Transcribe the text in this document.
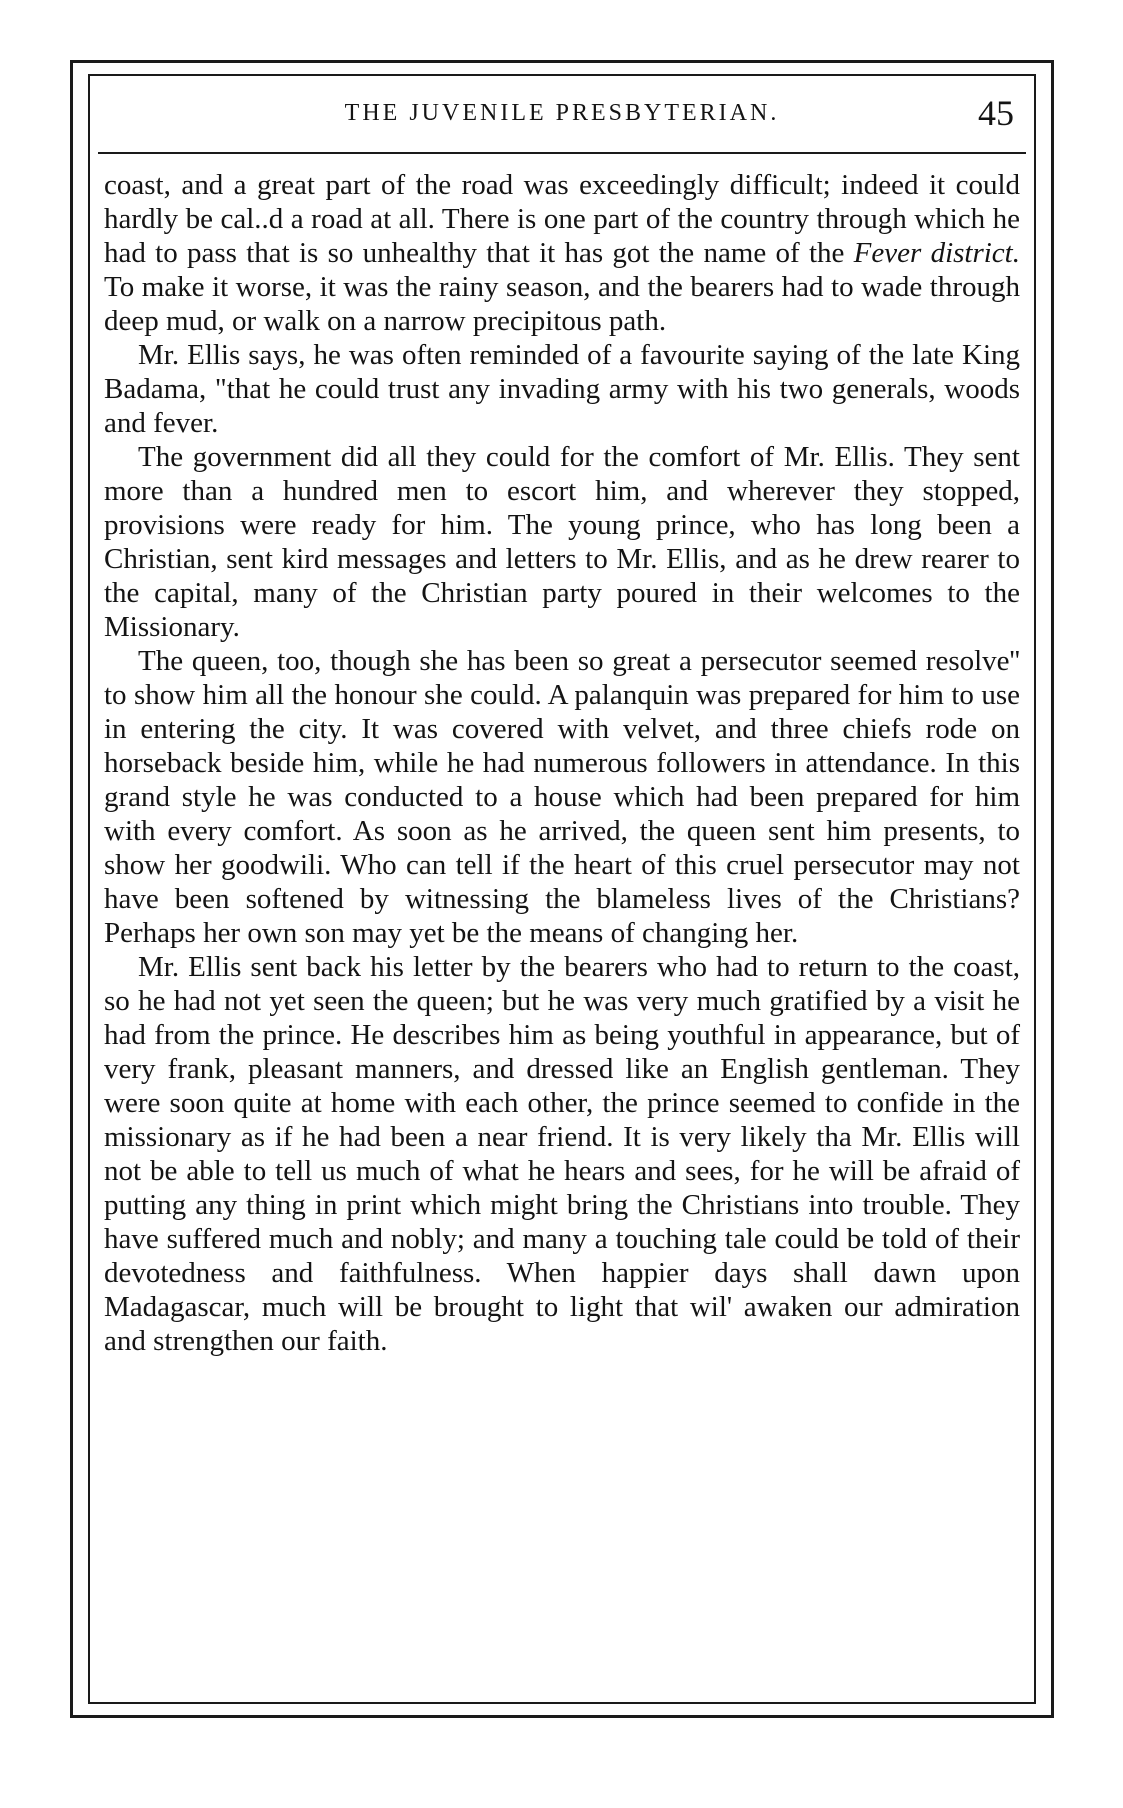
THE JUVENILE PRESBYTERIAN.	45

coast, and a great part of the road was exceedingly difficult; indeed it could hardly be cal..d a road at all. There is one part of the country through which he had to pass that is so unhealthy that it has got the name of the Fever district. To make it worse, it was the rainy season, and the bearers had to wade through deep mud, or walk on a narrow precipitous path.

Mr. Ellis says, he was often reminded of a favourite saying of the late King Badama, "that he could trust any invading army with his two generals, woods and fever.

The government did all they could for the comfort of Mr. Ellis. They sent more than a hundred men to escort him, and wherever they stopped, provisions were ready for him. The young prince, who has long been a Christian, sent kird messages and letters to Mr. Ellis, and as he drew rearer to the capital, many of the Christian party poured in their welcomes to the Missionary.

The queen, too, though she has been so great a persecutor seemed resolve'' to show him all the honour she could. A palanquin was prepared for him to use in entering the city. It was covered with velvet, and three chiefs rode on horseback beside him, while he had numerous followers in attendance. In this grand style he was conducted to a house which had been prepared for him with every comfort. As soon as he arrived, the queen sent him presents, to show her goodwili. Who can tell if the heart of this cruel persecutor may not have been softened by witnessing the blameless lives of the Christians? Perhaps her own son may yet be the means of changing her.

Mr. Ellis sent back his letter by the bearers who had to return to the coast, so he had not yet seen the queen; but he was very much gratified by a visit he had from the prince. He describes him as being youthful in appearance, but of very frank, pleasant manners, and dressed like an English gentleman. They were soon quite at home with each other, the prince seemed to confide in the missionary as if he had been a near friend. It is very likely tha Mr. Ellis will not be able to tell us much of what he hears and sees, for he will be afraid of putting any thing in print which might bring the Christians into trouble. They have suffered much and nobly; and many a touching tale could be told of their devotedness and faithfulness. When happier days shall dawn upon Madagascar, much will be brought to light that wil' awaken our admiration and strengthen our faith.
